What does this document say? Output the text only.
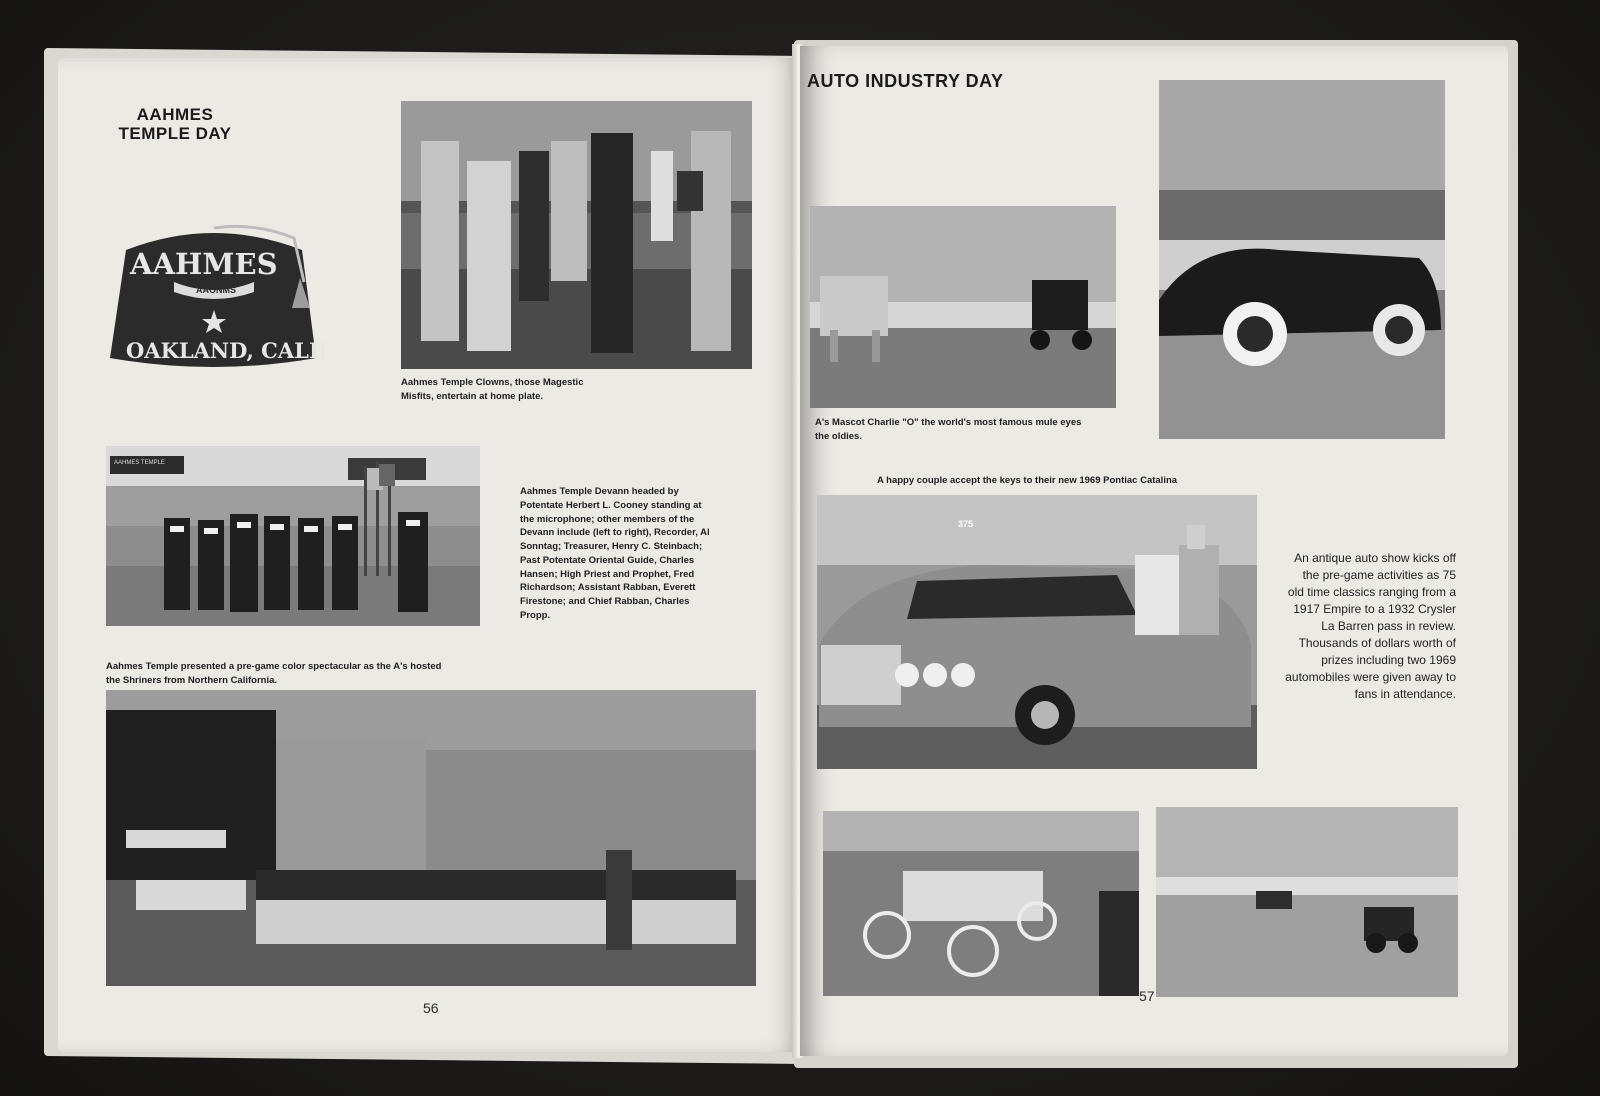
AAHMES
TEMPLE DAY
AAHMES
AAONMS
OAKLAND, CALIF.

Aahmes Temple Clowns, those Magestic Misfits, entertain at home plate.

AAHMES TEMPLE

Aahmes Temple Devann headed by Potentate Herbert L. Cooney standing at the microphone; other members of the Devann include (left to right), Recorder, Al Sonntag; Treasurer, Henry C. Steinbach; Past Potentate Oriental Guide, Charles Hansen; High Priest and Prophet, Fred Richardson; Assistant Rabban, Everett Firestone; and Chief Rabban, Charles Propp.

Aahmes Temple presented a pre-game color spectacular as the A's hosted the Shriners from Northern California.

56
AUTO INDUSTRY DAY

A's Mascot Charlie "O" the world's most famous mule eyes the oldies.

A happy couple accept the keys to their new 1969 Pontiac Catalina

375

An antique auto show kicks off the pre-game activities as 75 old time classics ranging from a 1917 Empire to a 1932 Crysler La Barren pass in review. Thousands of dollars worth of prizes including two 1969 automobiles were given away to fans in attendance.

57
